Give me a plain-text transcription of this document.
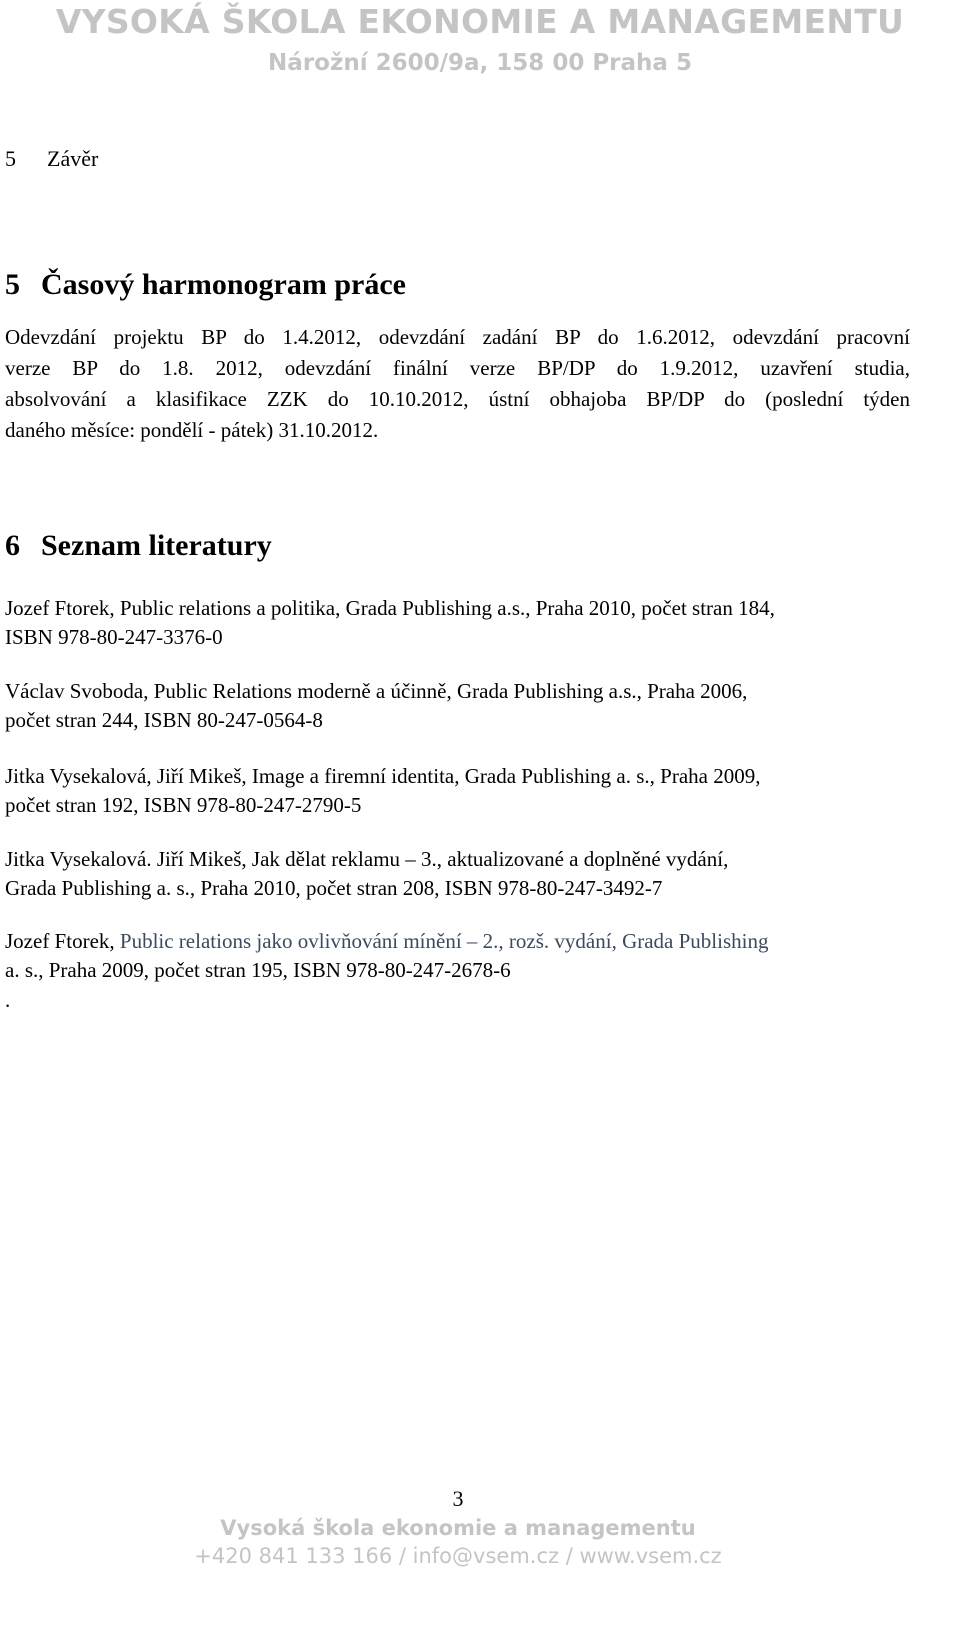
VYSOKÁ ŠKOLA EKONOMIE A MANAGEMENTU
Nárožní 2600/9a, 158 00 Praha 5
5 Závěr
5 Časový harmonogram práce
Odevzdání projektu BP do 1.4.2012, odevzdání zadání BP do 1.6.2012, odevzdání pracovní
verze BP do 1.8. 2012, odevzdání finální verze BP/DP do 1.9.2012, uzavření studia,
absolvování a klasifikace ZZK do 10.10.2012, ústní obhajoba BP/DP do (poslední týden
daného měsíce: pondělí - pátek) 31.10.2012.
6 Seznam literatury
Jozef Ftorek, Public relations a politika, Grada Publishing a.s., Praha 2010, počet stran 184,
ISBN 978-80-247-3376-0
Václav Svoboda, Public Relations moderně a účinně, Grada Publishing a.s., Praha 2006,
počet stran 244, ISBN 80-247-0564-8
Jitka Vysekalová, Jiří Mikeš, Image a firemní identita, Grada Publishing a. s., Praha 2009,
počet stran 192, ISBN 978-80-247-2790-5
Jitka Vysekalová. Jiří Mikeš, Jak dělat reklamu – 3., aktualizované a doplněné vydání,
Grada Publishing a. s., Praha 2010, počet stran 208, ISBN 978-80-247-3492-7
Jozef Ftorek, Public relations jako ovlivňování mínění – 2., rozš. vydání, Grada Publishing
a. s., Praha 2009, počet stran 195, ISBN 978-80-247-2678-6
.
3
Vysoká škola ekonomie a managementu
+420 841 133 166 / info@vsem.cz / www.vsem.cz
